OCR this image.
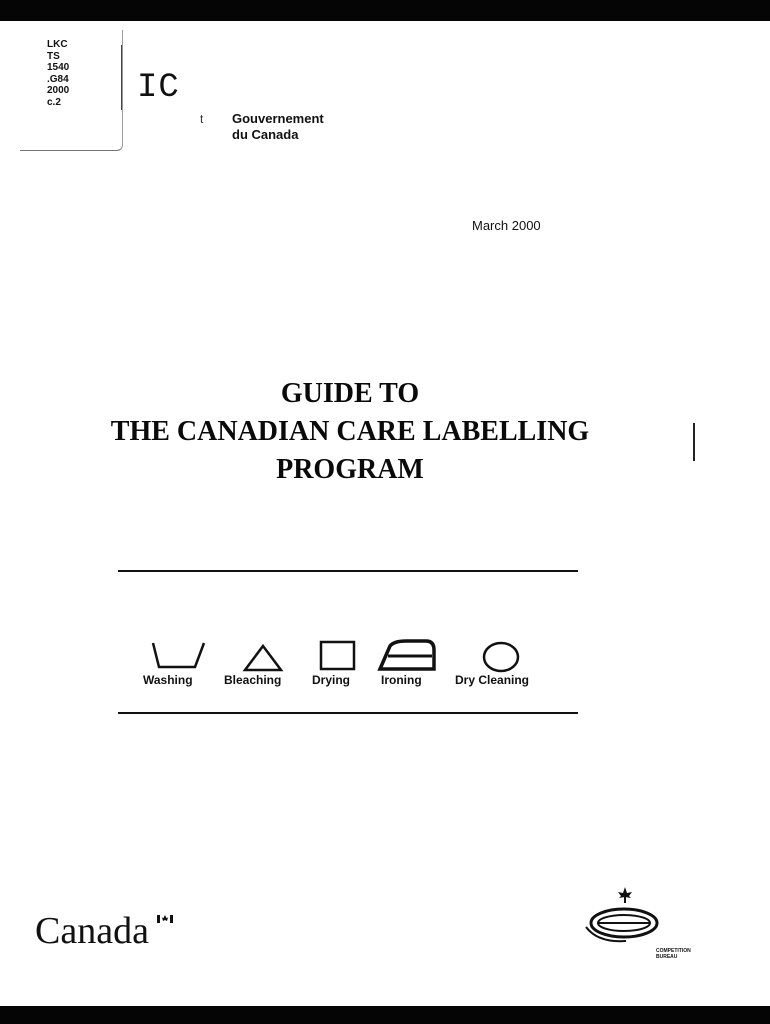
LKC
TS
1540
.G84
2000
c.2 IC
t Gouvernement
du Canada
March 2000
GUIDE TO
THE CANADIAN CARE LABELLING
PROGRAM
Washing	Bleaching	Drying	Ironing	Dry Cleaning
Canada	COMPETITION
BUREAU
